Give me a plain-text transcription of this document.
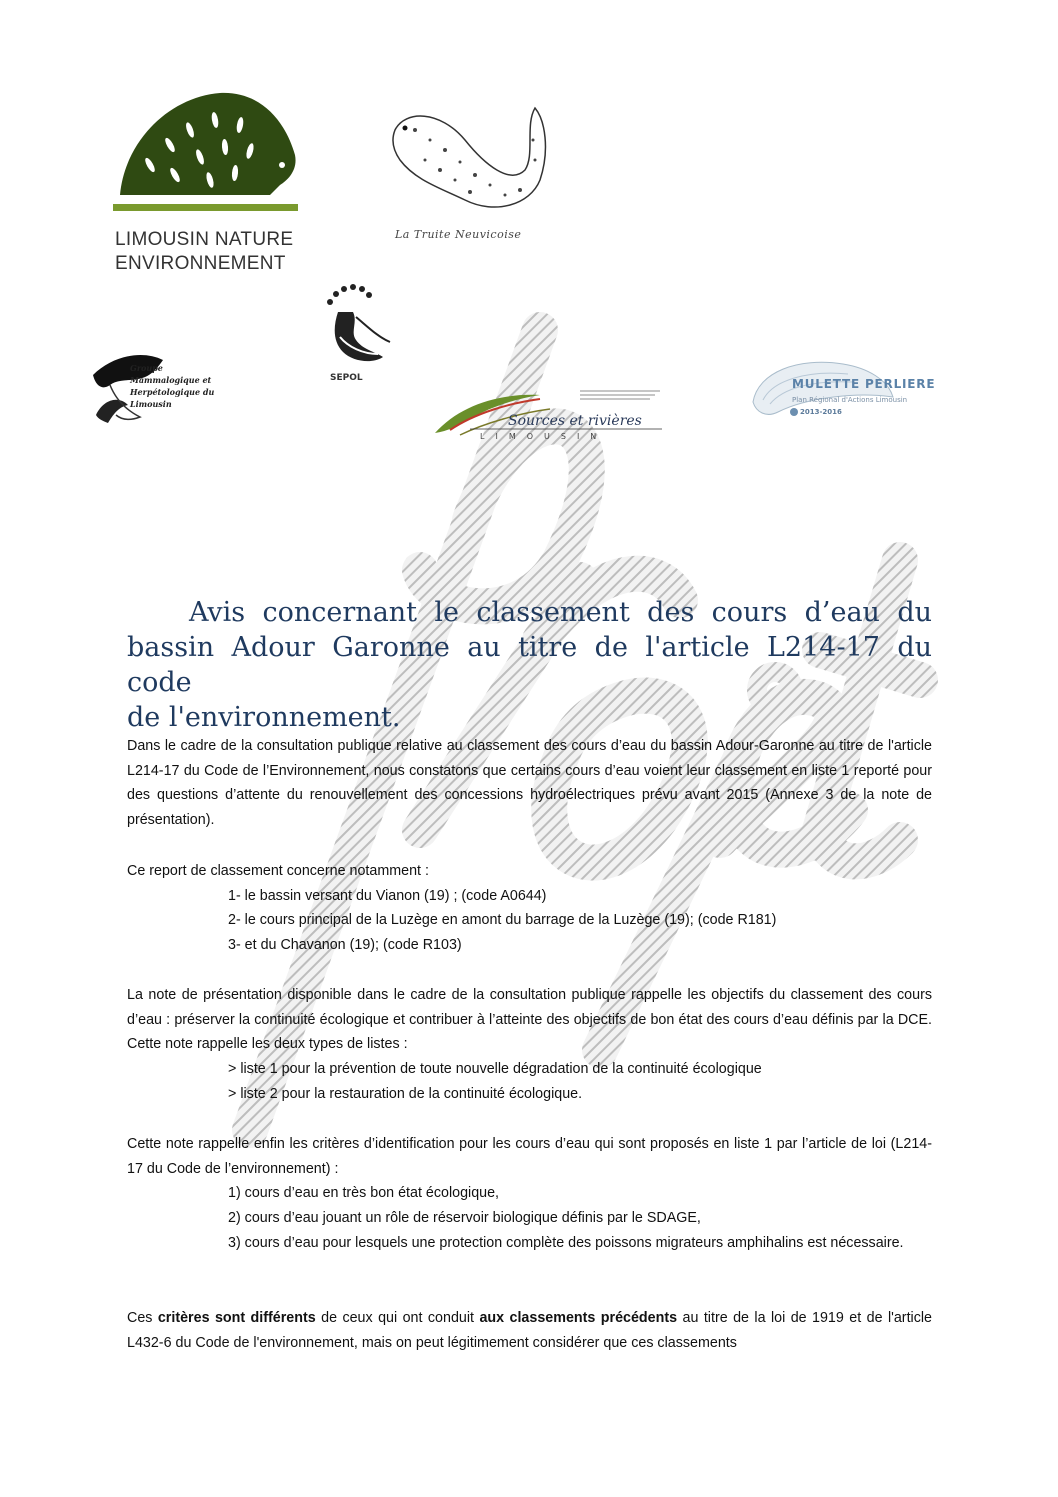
LIMOUSIN NATURE
ENVIRONNEMENT
La Truite Neuvicoise
SEPOL
Groupe
Mammalogique et
Herpétologique du
Limousin
Sources et rivières
LIMOUSIN
MULETTE PERLIERE
Plan Régional d'Actions Limousin
2013-2016
Avis concernant le classement des cours d’eau du
bassin Adour Garonne au titre de l'article L214-17 du code
de l'environnement.
Dans le cadre de la consultation publique relative au classement des cours d’eau du bassin Adour-Garonne au titre de l'article L214-17 du Code de l’Environnement, nous constatons que certains cours d’eau voient leur classement en liste 1 reporté pour des questions d’attente du renouvellement des concessions hydroélectriques prévu avant 2015 (Annexe 3 de la note de présentation).
Ce report de classement concerne notamment :
1- le bassin versant du Vianon (19) ; (code A0644)
2- le cours principal de la Luzège en amont du barrage de la Luzège (19); (code R181)
3- et du Chavanon (19); (code R103)
La note de présentation disponible dans le cadre de la consultation publique rappelle les objectifs du classement des cours d’eau : préserver la continuité écologique et contribuer à l’atteinte des objectifs de bon état des cours d’eau définis par la DCE. Cette note rappelle les deux types de listes :
> liste 1 pour la prévention de toute nouvelle dégradation de la continuité écologique
> liste 2 pour la restauration de la continuité écologique.
Cette note rappelle enfin les critères d’identification pour les cours d’eau qui sont proposés en liste 1 par l’article de loi (L214-17 du Code de l’environnement) :
1) cours d’eau en très bon état écologique,
2) cours d’eau jouant un rôle de réservoir biologique définis par le SDAGE,
3) cours d’eau pour lesquels une protection complète des poissons migrateurs amphihalins est nécessaire.
Ces critères sont différents de ceux qui ont conduit aux classements précédents au titre de la loi de 1919 et de l'article L432-6 du Code de l'environnement, mais on peut légitimement considérer que ces classements
